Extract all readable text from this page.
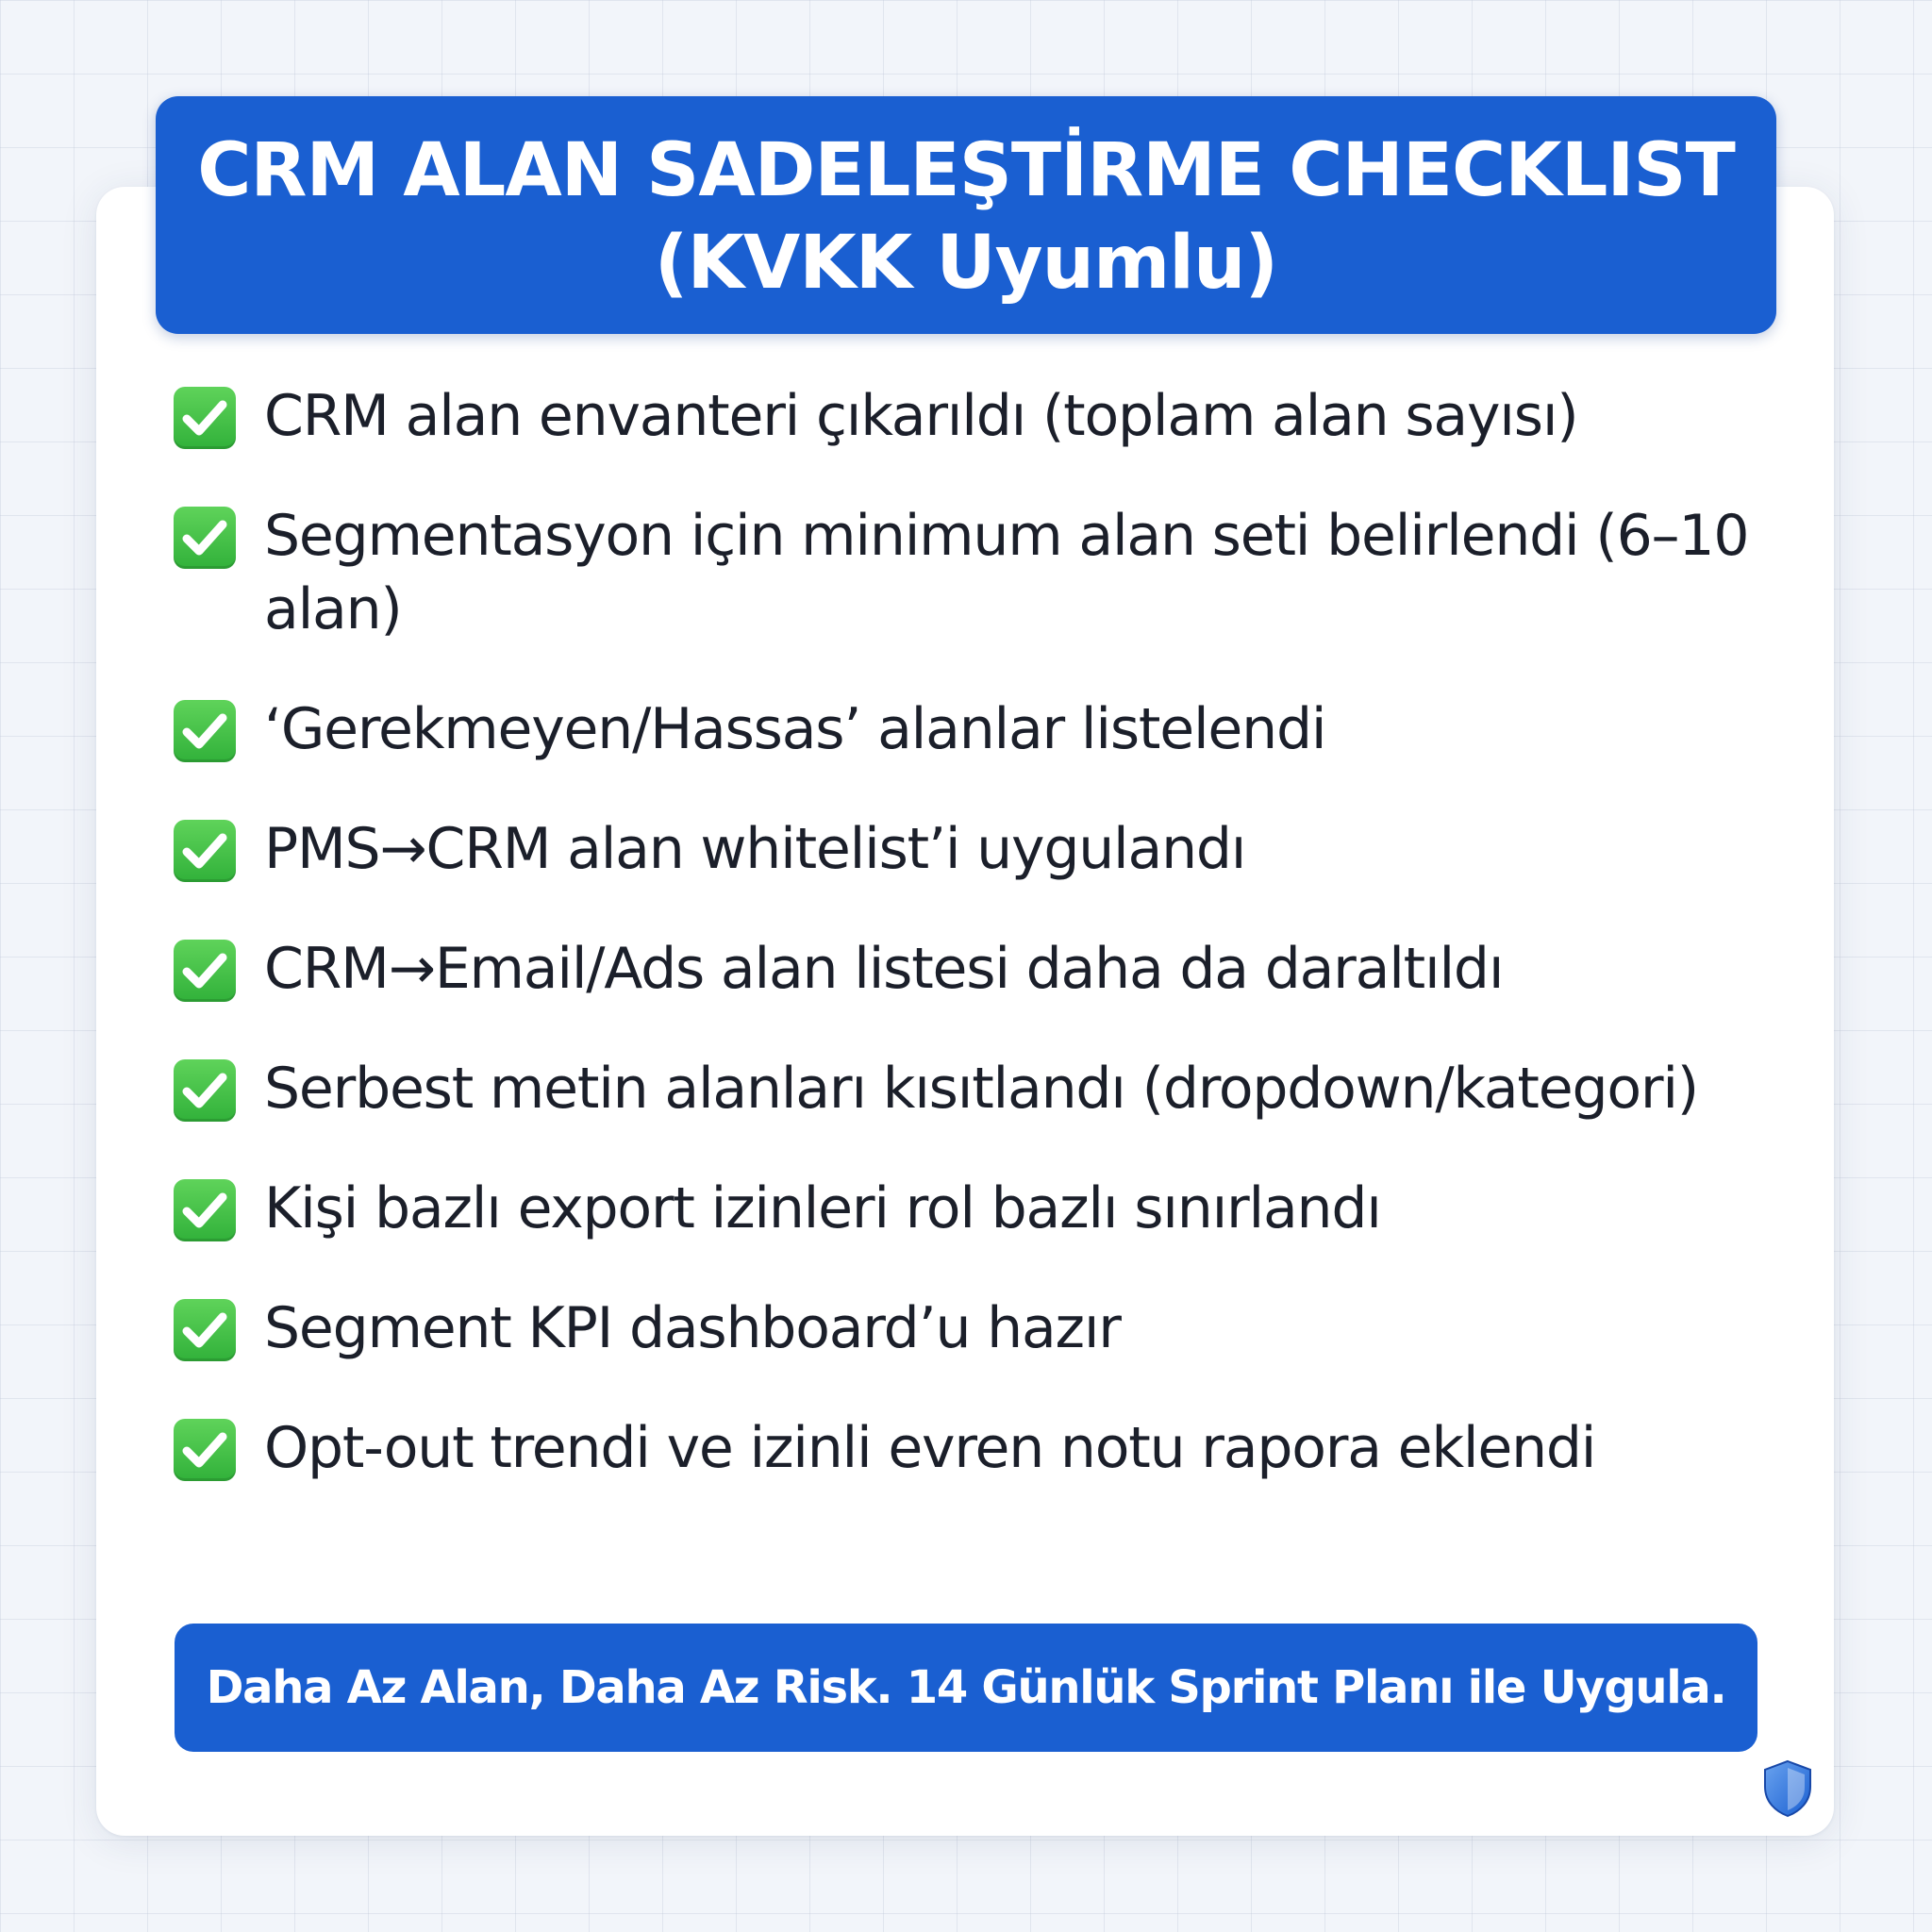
CRM ALAN SADELEŞTİRME CHECKLIST
(KVKK Uyumlu)
CRM alan envanteri çıkarıldı (toplam alan sayısı)
Segmentasyon için minimum alan seti belirlendi (6–10 alan)
‘Gerekmeyen/Hassas’ alanlar listelendi
PMS→CRM alan whitelist’i uygulandı
CRM→Email/Ads alan listesi daha da daraltıldı
Serbest metin alanları kısıtlandı (dropdown/kategori)
Kişi bazlı export izinleri rol bazlı sınırlandı
Segment KPI dashboard’u hazır
Opt-out trendi ve izinli evren notu rapora eklendi
Daha Az Alan, Daha Az Risk. 14 Günlük Sprint Planı ile Uygula.
